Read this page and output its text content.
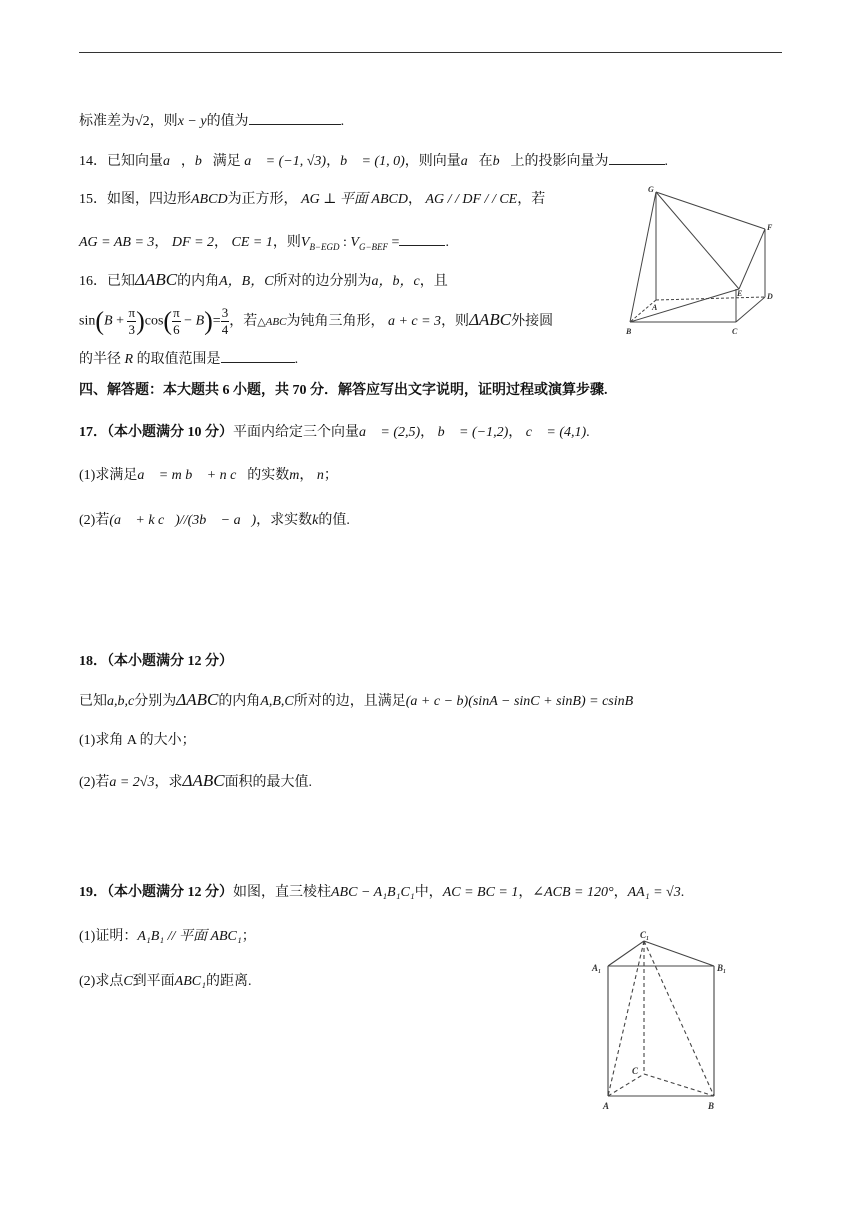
标准差为√2，则x − y的值为	.
14．已知向量a⃗，b⃗满足 a⃗ = (−1, √3)，b⃗ = (1, 0)，则向量a⃗在b⃗上的投影向量为	.
15．如图，四边形ABCD为正方形， AG ⊥ 平面 ABCD， AG / / DF / / CE，若
AG = AB = 3， DF = 2， CE = 1，则$V_{B-EGD}$ : $V_{G-BEF}$ =	.
16．已知ΔABC的内角A，B，C所对的边分别为a，b，c，且
$\sin(B + \frac{\pi}{3} )\cos( \frac{\pi}{6} - B)= \frac{3}{4}$ ，若△ABC为钝角三角形， a + c = 3，则ΔABC外接圆
的半径 R 的取值范围是	.
G
F
E	D
A
B	C
四、解答题：本大题共 6 小题，共 70 分．解答应写出文字说明，证明过程或演算步骤.
17．（本小题满分 10 分）平面内给定三个向量a⃗ = (2,5)， b⃗ = (−1,2)， c⃗ = (4,1).
(1)求满足a⃗ = m b⃗ + n c⃗的实数m， n；
(2)若(a⃗ + k c⃗)//(3b⃗ − a⃗)，求实数k的值.
18．（本小题满分 12 分）
已知a,b,c分别为ΔABC的内角A,B,C所对的边，且满足(a + c − b)(sinA − sinC + sinB) = csinB
(1)求角 A 的大小；
(2)若a = 2√3，求ΔABC面积的最大值.
19．（本小题满分 12 分）如图，直三棱柱ABC − A₁B₁C₁中，AC = BC = 1，∠ACB = 120°，AA₁ = √3.
(1)证明：A₁B₁ // 平面 ABC₁；
(2)求点C到平面ABC₁的距离.
C₁
A₁	B₁
C
A	B
